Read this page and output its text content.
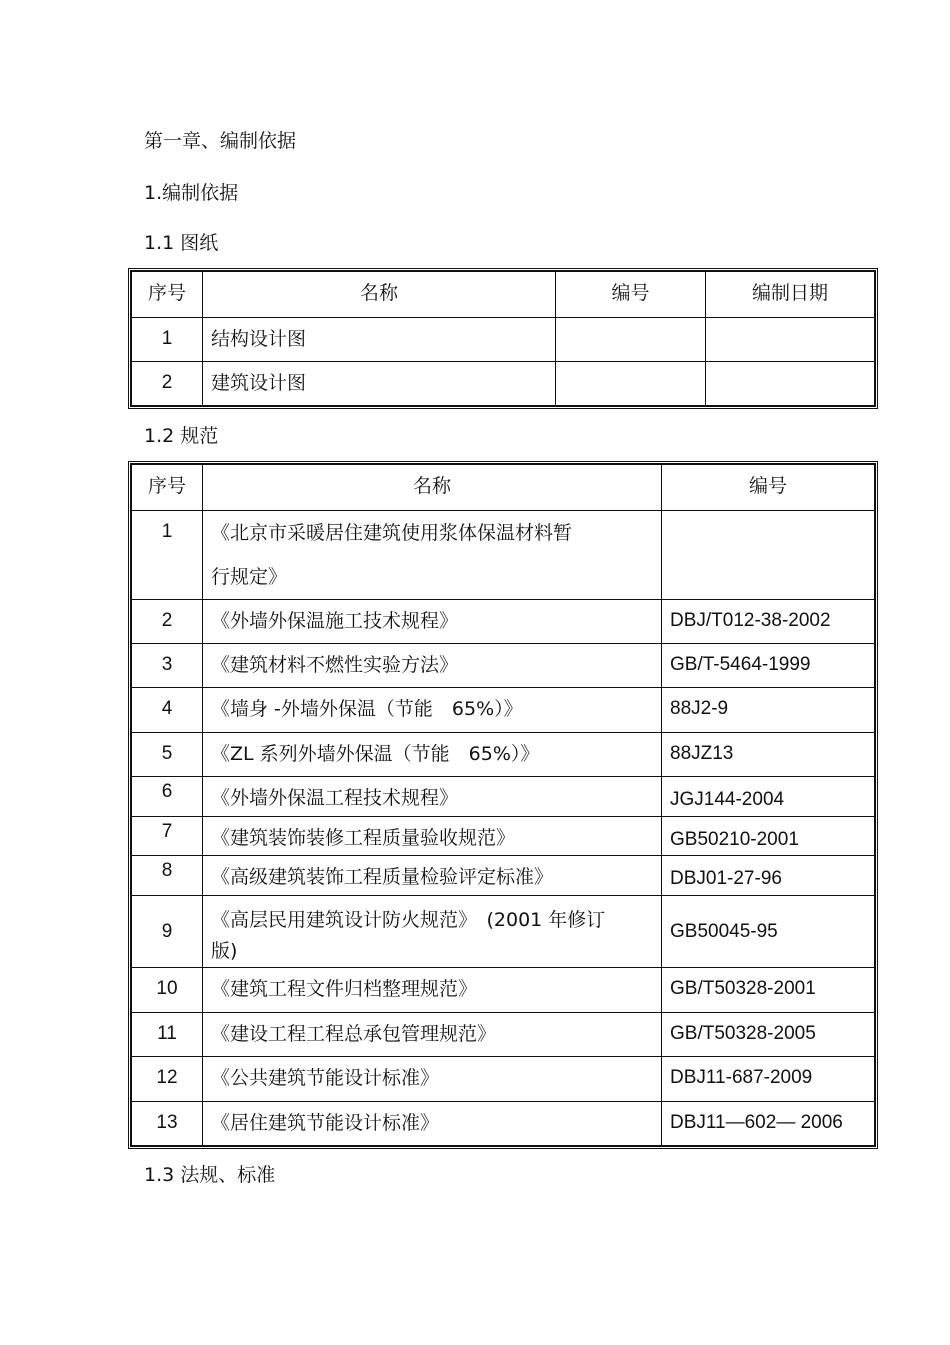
第一章、编制依据
1.编制依据
1.1 图纸
序号	名称	编号	编制日期

1	结构设计图		

2	建筑设计图		

1.2 规范
序号	名称	编号

1	《北京市采暖居住建筑使用浆体保温材料暂
行规定》	

2	《外墙外保温施工技术规程》	DBJ/T012-38-2002

3	《建筑材料不燃性实验方法》	GB/T-5464-1999

4	《墙身 -外墙外保温（节能　65%）》	88J2-9

5	《ZL 系列外墙外保温（节能　65%）》	88JZ13

6	《外墙外保温工程技术规程》	JGJ144-2004

7	《建筑装饰装修工程质量验收规范》	GB50210-2001

8	《高级建筑装饰工程质量检验评定标准》	DBJ01-27-96

9	《高层民用建筑设计防火规范》　(2001 年修订
版)	GB50045-95

10	《建筑工程文件归档整理规范》	GB/T50328-2001

11	《建设工程工程总承包管理规范》	GB/T50328-2005

12	《公共建筑节能设计标准》	DBJ11-687-2009

13	《居住建筑节能设计标准》	DBJ11—602— 2006
1.3 法规、标准
